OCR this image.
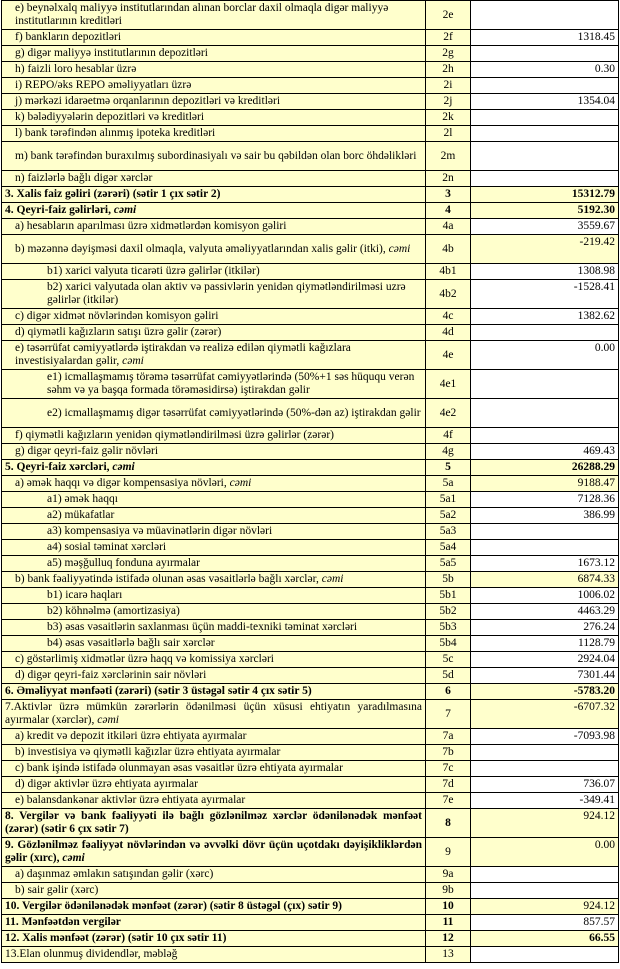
e) beynəlxalq maliyyə institutlarından alınan borclar daxil olmaqla digər maliyyə institutlarının kreditləri	2e	
f) bankların depozitləri	2f	1318.45
g) digər maliyyə institutlarının depozitləri	2g	
h) faizli loro hesablar üzrə	2h	0.30
i) REPO/əks REPO əməliyyatları üzrə	2i	
j) mərkəzi idarəetmə orqanlarının depozitləri və kreditləri	2j	1354.04
k) bələdiyyələrin depozitləri və kreditləri	2k	
l) bank tərəfindən alınmış ipoteka kreditləri	2l	
m) bank tərəfindən buraxılmış subordinasiyalı və sair bu qəbildən olan borc öhdəlikləri	2m	
n) faizlərlə bağlı digər xərclər	2n	
3. Xalis faiz gəliri (zərəri) (sətir 1 çıx sətir 2)	3	15312.79
4. Qeyri-faiz gəlirləri, cəmi	4	5192.30
a) hesabların aparılması üzrə xidmətlərdən komisyon gəliri	4a	3559.67
b) məzənnə dəyişməsi daxil olmaqla, valyuta əməliyyatlarından xalis gəlir (itki), cəmi	4b	-219.42
b1) xarici valyuta ticarəti üzrə gəlirlər (itkilər)	4b1	1308.98
b2) xarici valyutada olan aktiv və passivlərin yenidən qiymətləndirilməsi uzrə gəlirlər (itkilər)	4b2	-1528.41
c) digər xidmət növlərindən komisyon gəliri	4c	1382.62
d) qiymətli kağızların satışı üzrə gəlir (zərər)	4d	
e) təsərrüfat cəmiyyətlərdə iştirakdan və realizə edilən qiymətli kağızlara investisiyalardan gəlir, cəmi	4e	0.00
e1) icmallaşmamış törəmə təsərrüfat cəmiyyətlərində (50%+1 səs hüququ verən səhm və ya başqa formada törəməsidirsə) iştirakdan gəlir	4e1	
e2) icmallaşmamış digər təsərrüfat cəmiyyətlərində (50%-dən az) iştirakdan gəlir	4e2	
f) qiymətli kağızların yenidən qiymətləndirilməsi üzrə gəlirlər (zərər)	4f	
g) digər qeyri-faiz gəlir növləri	4g	469.43
5. Qeyri-faiz xərcləri, cəmi	5	26288.29
a) əmək haqqı və digər kompensasiya növləri, cəmi	5a	9188.47
a1) əmək haqqı	5a1	7128.36
a2) mükafatlar	5a2	386.99
a3) kompensasiya və müavinətlərin digər növləri	5a3	
a4) sosial təminat xərcləri	5a4	
a5) məşğulluq fonduna ayırmalar	5a5	1673.12
b) bank fəaliyyətində istifadə olunan əsas vəsaitlərlə bağlı xərclər, cəmi	5b	6874.33
b1) icarə haqları	5b1	1006.02
b2) köhnəlmə (amortizasiya)	5b2	4463.29
b3) əsas vəsaitlərin saxlanması üçün maddi-texniki təminat xərcləri	5b3	276.24
b4) əsas vəsaitlərlə bağlı sair xərclər	5b4	1128.79
c) göstərlimiş xidmətlər üzrə haqq və komissiya xərcləri	5c	2924.04
d) digər qeyri-faiz xərclərinin sair növləri	5d	7301.44
6. Əməliyyat mənfəəti (zərəri) (sətir 3 üstəgəl sətir 4 çıx sətir 5)	6	-5783.20
7.Aktivlər üzrə mümkün zərərlərin ödənilməsi üçün xüsusi ehtiyatın yaradılmasına ayırmalar (xərclər), cəmi	7	-6707.32
a) kredit və depozit itkiləri üzrə ehtiyata ayırmalar	7a	-7093.98
b) investisiya və qiymətli kağızlar üzrə ehtiyata ayırmalar	7b	
c) bank işində istifadə olunmayan əsas vəsaitlər üzrə ehtiyata ayırmalar	7c	
d) digər aktivlər üzrə ehtiyata ayırmalar	7d	736.07
e) balansdankənar aktivlər üzrə ehtiyata ayırmalar	7e	-349.41
8. Vergilər və bank fəaliyyəti ilə bağlı gözlənilməz xərclər ödənilənədək mənfəət (zərər) (sətir 6 çıx sətir 7)	8	924.12
9. Gözlənilməz fəaliyyət növlərindən və əvvəlki dövr üçün uçotdakı dəyişikliklərdən gəlir (xırc), cəmi	9	0.00
a) daşınmaz əmlakın satışından gəlir (xərc)	9a	
b) sair gəlir (xərc)	9b	
10. Vergilər ödənilənədək mənfəət (zərər) (sətir 8 üstəgəl (çıx) sətir 9)	10	924.12
11. Mənfəətdən vergilər	11	857.57
12. Xalis mənfəət (zərər) (sətir 10 çıx sətir 11)	12	66.55
13.Elan olunmuş dividendlər, məbləğ	13	
